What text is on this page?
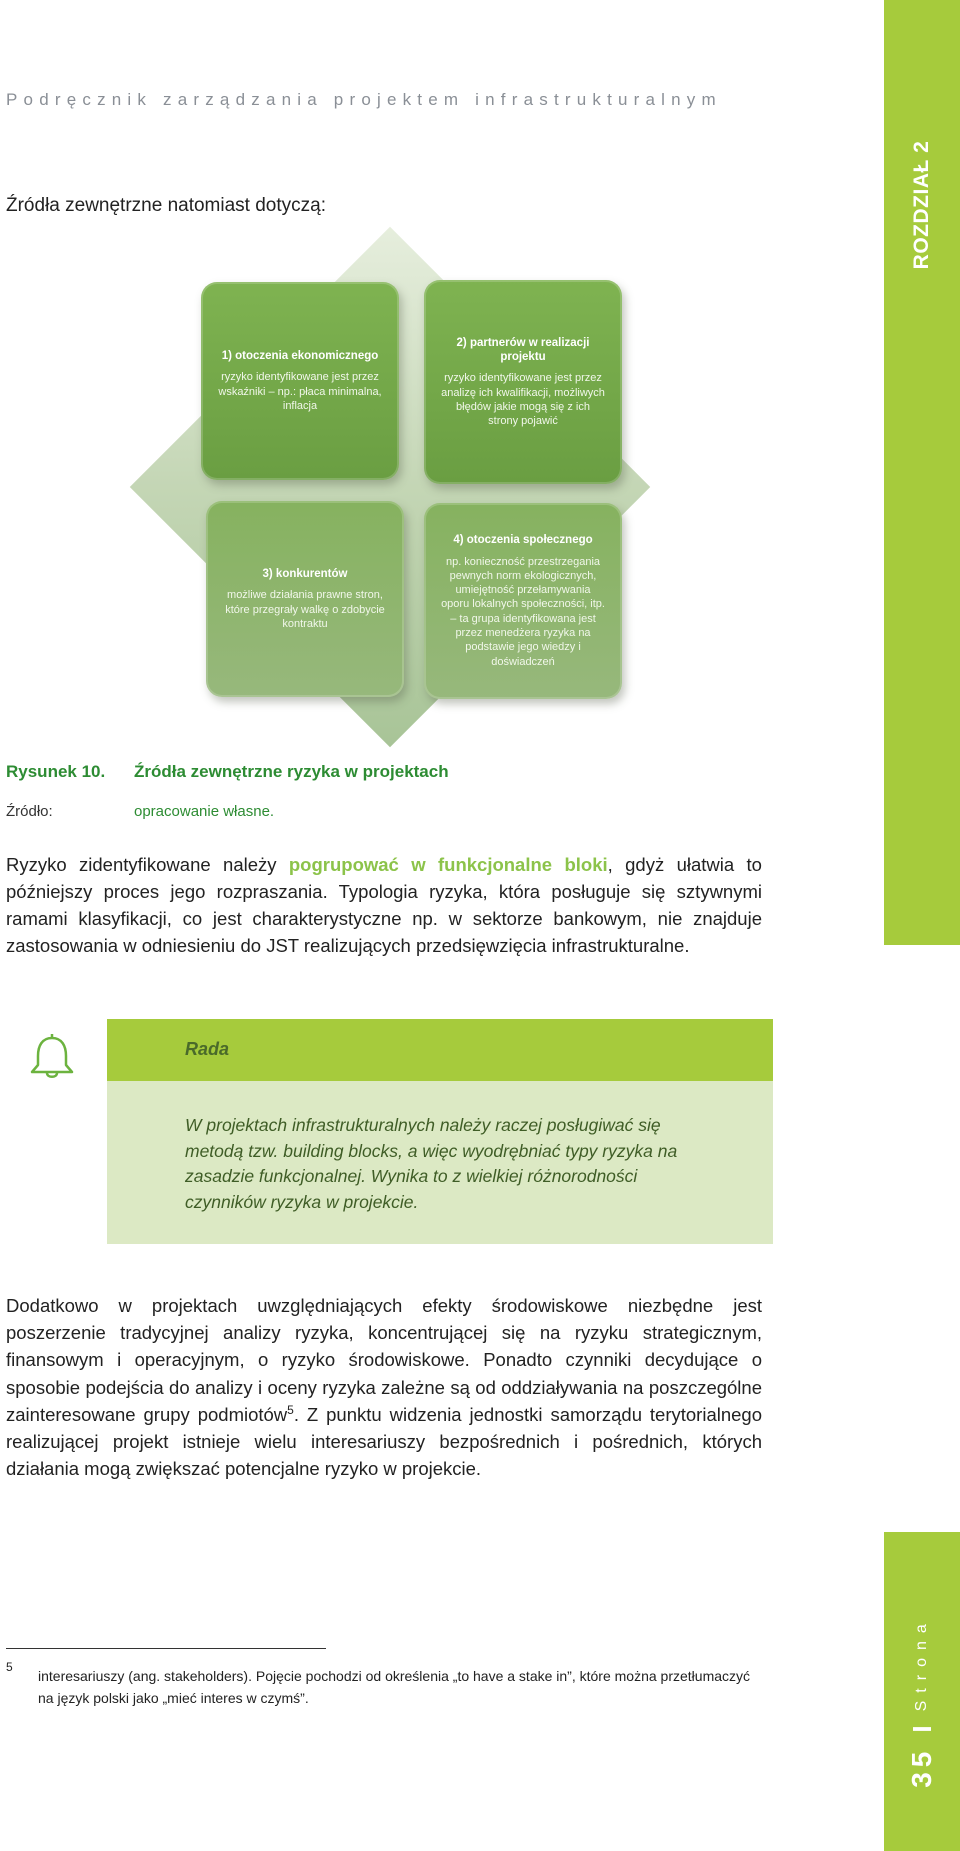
Podręcznik zarządzania projektem infrastrukturalnym
ROZDZIAŁ 2
Źródła zewnętrzne natomiast dotyczą:
1) otoczenia ekonomicznego
ryzyko identyfikowane jest przez wskaźniki – np.: płaca minimalna, inflacja
2) partnerów w realizacji projektu
ryzyko identyfikowane jest przez analizę ich kwalifikacji, możliwych błędów jakie mogą się z ich strony pojawić
3) konkurentów
możliwe działania prawne stron, które przegrały walkę o zdobycie kontraktu
4) otoczenia społecznego
np. konieczność przestrzegania pewnych norm ekologicznych, umiejętność przełamywania oporu lokalnych społeczności, itp. – ta grupa identyfikowana jest przez menedżera ryzyka na podstawie jego wiedzy i doświadczeń
Rysunek 10. Źródła zewnętrzne ryzyka w projektach
Źródło:	opracowanie własne.

Ryzyko zidentyfikowane należy pogrupować w funkcjonalne bloki, gdyż ułatwia to późniejszy proces jego rozpraszania. Typologia ryzyka, która posługuje się sztywnymi ramami klasyfikacji, co jest charakterystyczne np. w sektorze bankowym, nie znajduje zastosowania w odniesieniu do JST realizujących przedsięwzięcia infrastrukturalne.

Rada

W projektach infrastrukturalnych należy raczej posługiwać się metodą tzw. building blocks, a więc wyodrębniać typy ryzyka na zasadzie funkcjonalnej. Wynika to z wielkiej różnorodności czynników ryzyka w projekcie.

Dodatkowo w projektach uwzględniających efekty środowiskowe niezbędne jest poszerzenie tradycyjnej analizy ryzyka, koncentrującej się na ryzyku strategicznym, finansowym i operacyjnym, o ryzyko środowiskowe. Ponadto czynniki decydujące o sposobie podejścia do analizy i oceny ryzyka zależne są od oddziaływania na poszczególne zainteresowane grupy podmiotów$^5$. Z punktu widzenia jednostki samorządu terytorialnego realizującej projekt istnieje wielu interesariuszy bezpośrednich i pośrednich, których działania mogą zwiększać potencjalne ryzyko w projekcie.

5
interesariuszy (ang. stakeholders). Pojęcie pochodzi od określenia „to have a stake in”, które można przetłumaczyć na język polski jako „mieć interes w czymś”.
35
I
Strona
